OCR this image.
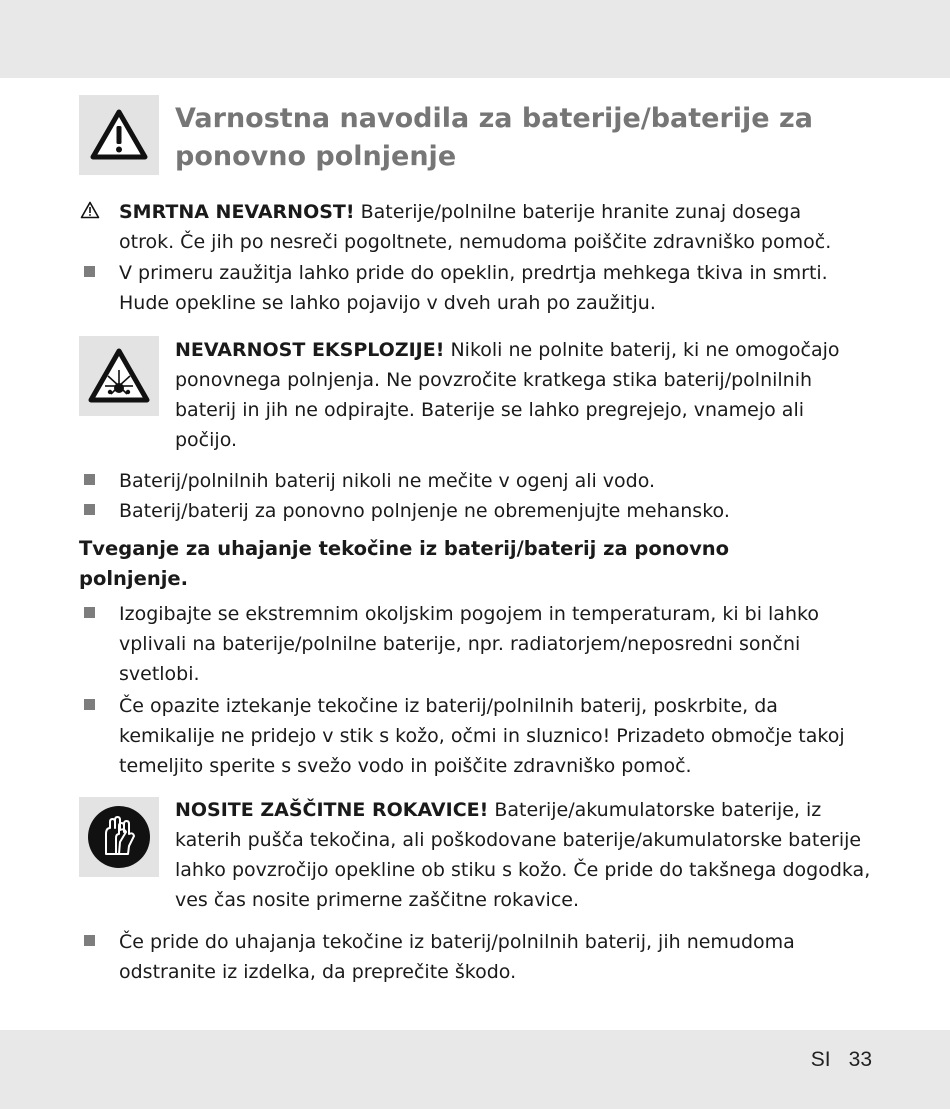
Varnostna navodila za baterije/baterije za ponovno polnjenje

SMRTNA NEVARNOST! Baterije/polnilne baterije hranite zunaj dosega otrok. Če jih po nesreči pogoltnete, nemudoma poiščite zdravniško pomoč.

V primeru zaužitja lahko pride do opeklin, predrtja mehkega tkiva in smrti. Hude opekline se lahko pojavijo v dveh urah po zaužitju.

NEVARNOST EKSPLOZIJE! Nikoli ne polnite baterij, ki ne omogočajo ponovnega polnjenja. Ne povzročite kratkega stika baterij/polnilnih baterij in jih ne odpirajte. Baterije se lahko pregrejejo, vnamejo ali počijo.

Baterij/polnilnih baterij nikoli ne mečite v ogenj ali vodo.

Baterij/baterij za ponovno polnjenje ne obremenjujte mehansko.

Tveganje za uhajanje tekočine iz baterij/baterij za ponovno polnjenje.

Izogibajte se ekstremnim okoljskim pogojem in temperaturam, ki bi lahko vplivali na baterije/polnilne baterije, npr. radiatorjem/neposredni sončni svetlobi.

Če opazite iztekanje tekočine iz baterij/polnilnih baterij, poskrbite, da kemikalije ne pridejo v stik s kožo, očmi in sluznico! Prizadeto območje takoj temeljito sperite s svežo vodo in poiščite zdravniško pomoč.

NOSITE ZAŠČITNE ROKAVICE! Baterije/akumulatorske baterije, iz katerih pušča tekočina, ali poškodovane baterije/akumulatorske baterije lahko povzročijo opekline ob stiku s kožo. Če pride do takšnega dogodka, ves čas nosite primerne zaščitne rokavice.

Če pride do uhajanja tekočine iz baterij/polnilnih baterij, jih nemudoma odstranite iz izdelka, da preprečite škodo.

SI 33
